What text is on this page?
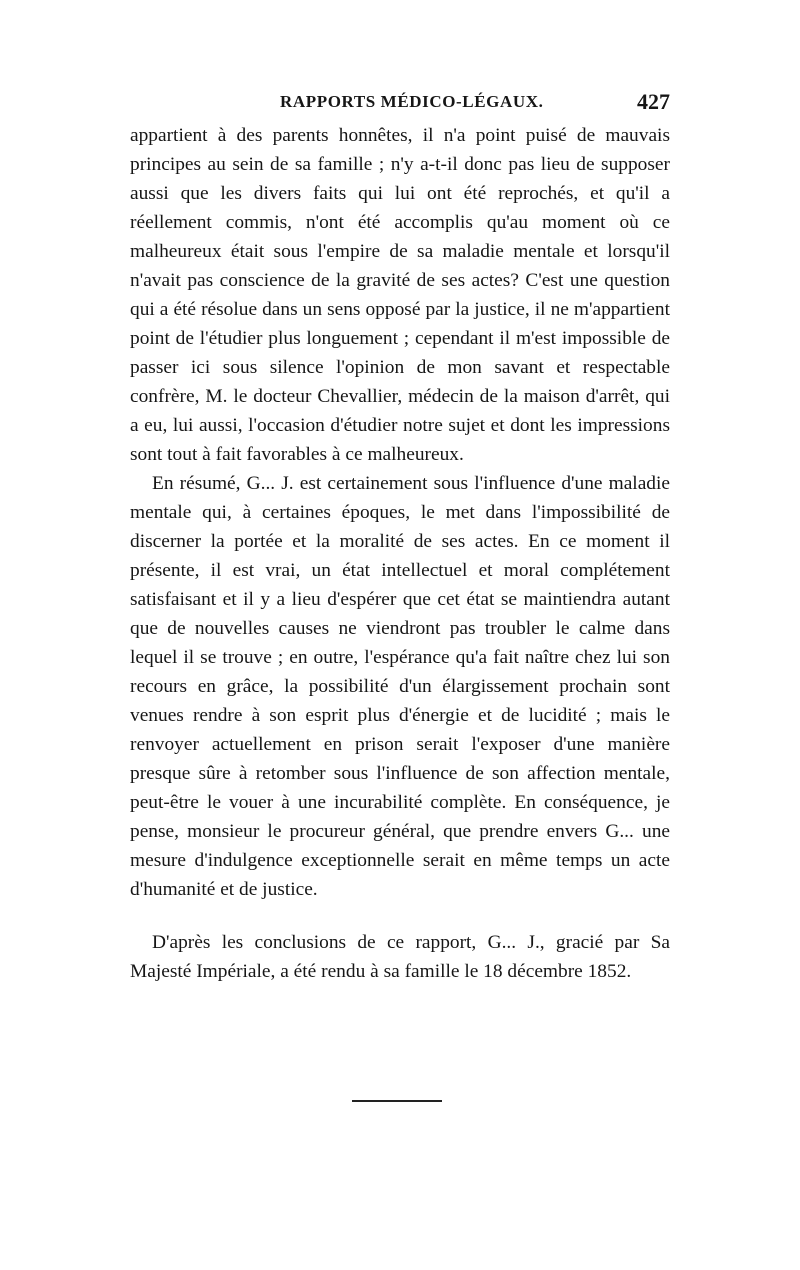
RAPPORTS MÉDICO-LÉGAUX.	427

appartient à des parents honnêtes, il n'a point puisé de mauvais principes au sein de sa famille ; n'y a-t-il donc pas lieu de supposer aussi que les divers faits qui lui ont été reprochés, et qu'il a réellement commis, n'ont été accomplis qu'au moment où ce malheureux était sous l'empire de sa maladie mentale et lorsqu'il n'avait pas conscience de la gravité de ses actes? C'est une question qui a été résolue dans un sens opposé par la justice, il ne m'appartient point de l'étudier plus longuement ; cependant il m'est impossible de passer ici sous silence l'opinion de mon savant et respectable confrère, M. le docteur Chevallier, médecin de la maison d'arrêt, qui a eu, lui aussi, l'occasion d'étudier notre sujet et dont les impressions sont tout à fait favorables à ce malheureux.

En résumé, G... J. est certainement sous l'influence d'une maladie mentale qui, à certaines époques, le met dans l'impossibilité de discerner la portée et la moralité de ses actes. En ce moment il présente, il est vrai, un état intellectuel et moral complétement satisfaisant et il y a lieu d'espérer que cet état se maintiendra autant que de nouvelles causes ne viendront pas troubler le calme dans lequel il se trouve ; en outre, l'espérance qu'a fait naître chez lui son recours en grâce, la possibilité d'un élargissement prochain sont venues rendre à son esprit plus d'énergie et de lucidité ; mais le renvoyer actuellement en prison serait l'exposer d'une manière presque sûre à retomber sous l'influence de son affection mentale, peut-être le vouer à une incurabilité complète. En conséquence, je pense, monsieur le procureur général, que prendre envers G... une mesure d'indulgence exceptionnelle serait en même temps un acte d'humanité et de justice.

D'après les conclusions de ce rapport, G... J., gracié par Sa Majesté Impériale, a été rendu à sa famille le 18 décembre 1852.
